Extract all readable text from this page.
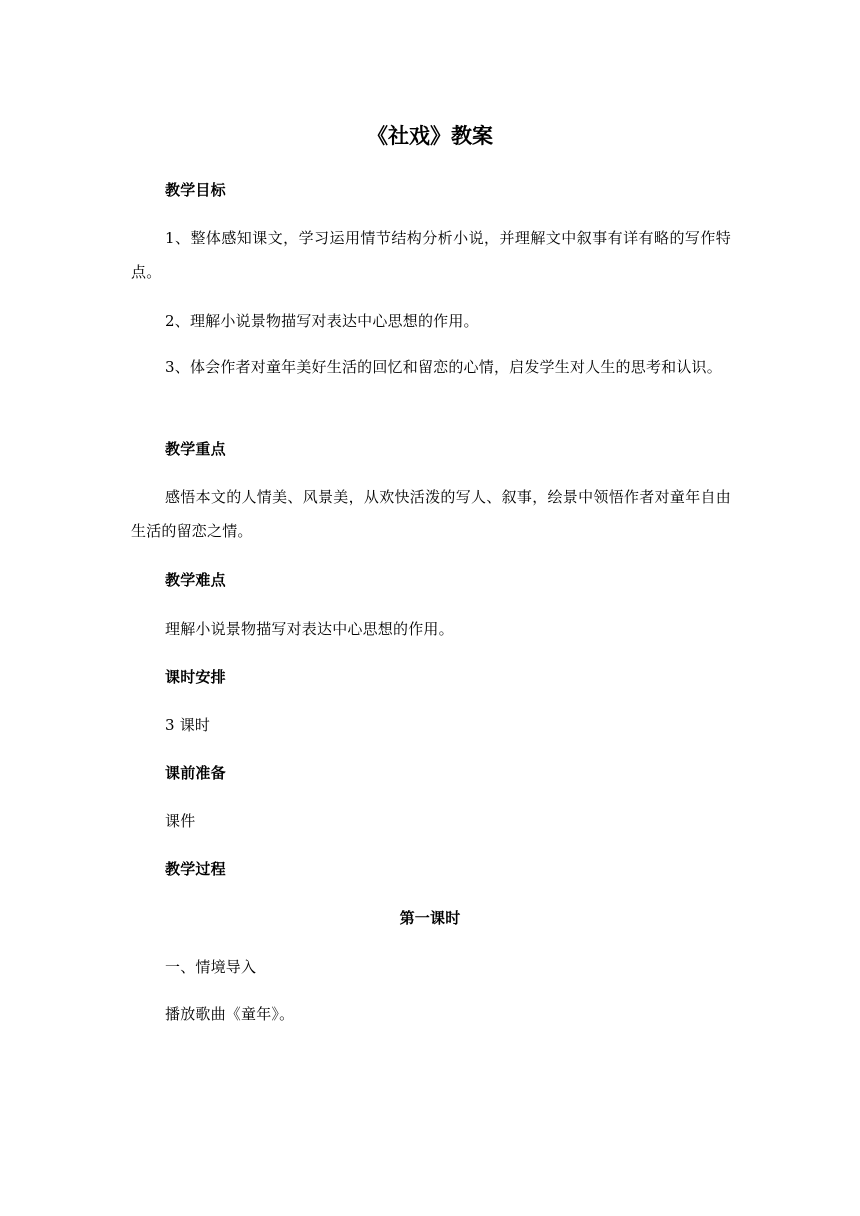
《社戏》教案
教学目标
1、整体感知课文，学习运用情节结构分析小说，并理解文中叙事有详有略的写作特点。
2、理解小说景物描写对表达中心思想的作用。
3、体会作者对童年美好生活的回忆和留恋的心情，启发学生对人生的思考和认识。
教学重点
感悟本文的人情美、风景美，从欢快活泼的写人、叙事，绘景中领悟作者对童年自由生活的留恋之情。
教学难点
理解小说景物描写对表达中心思想的作用。
课时安排
3 课时
课前准备
课件
教学过程
第一课时
一、情境导入
播放歌曲《童年》。
